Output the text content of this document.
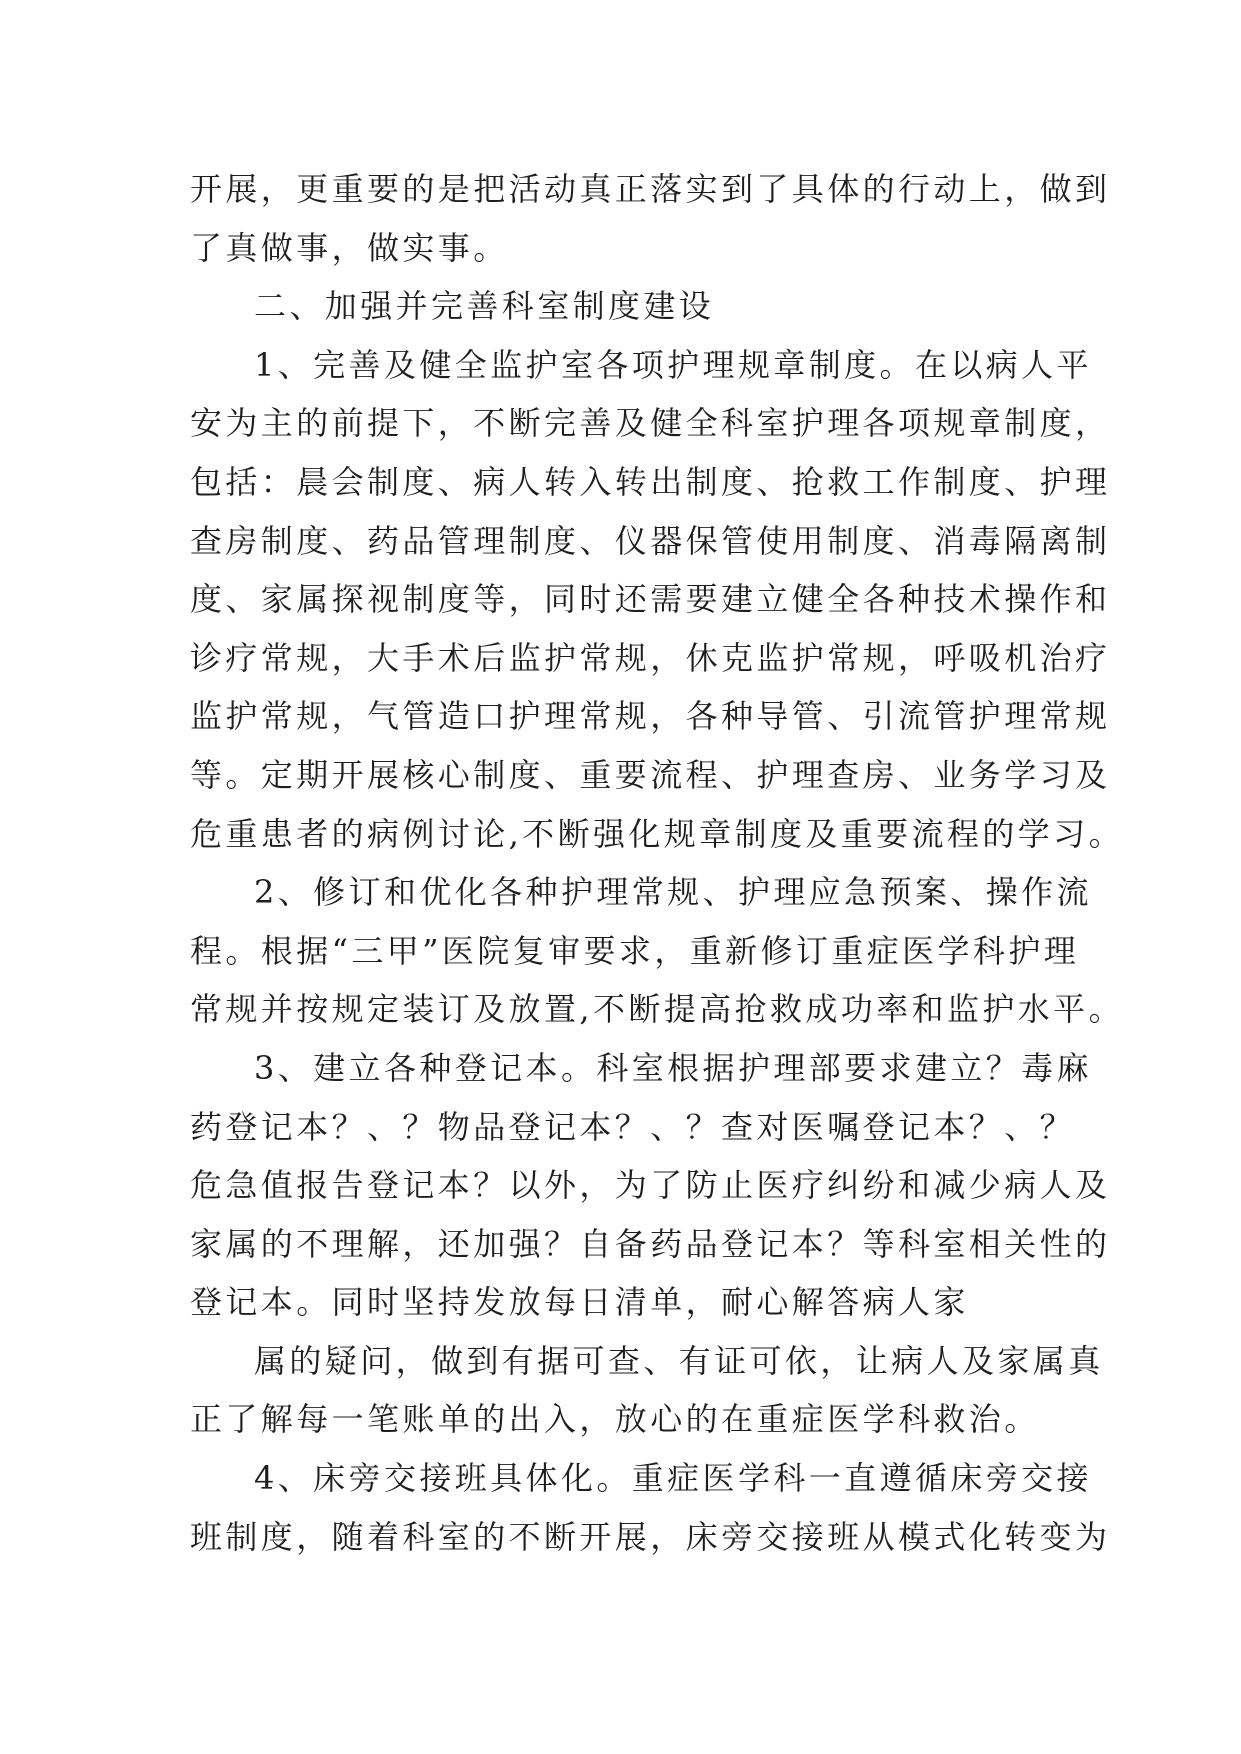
开展，更重要的是把活动真正落实到了具体的行动上，做到
了真做事，做实事。
二、加强并完善科室制度建设
1、完善及健全监护室各项护理规章制度。在以病人平
安为主的前提下，不断完善及健全科室护理各项规章制度，
包括：晨会制度、病人转入转出制度、抢救工作制度、护理
查房制度、药品管理制度、仪器保管使用制度、消毒隔离制
度、家属探视制度等，同时还需要建立健全各种技术操作和
诊疗常规，大手术后监护常规，休克监护常规，呼吸机治疗
监护常规，气管造口护理常规，各种导管、引流管护理常规
等。定期开展核心制度、重要流程、护理查房、业务学习及
危重患者的病例讨论,不断强化规章制度及重要流程的学习。
2、修订和优化各种护理常规、护理应急预案、操作流
程。根据“三甲”医院复审要求，重新修订重症医学科护理
常规并按规定装订及放置,不断提高抢救成功率和监护水平。
3、建立各种登记本。科室根据护理部要求建立？毒麻
药登记本？、？物品登记本？、？查对医嘱登记本？、？
危急值报告登记本？以外，为了防止医疗纠纷和减少病人及
家属的不理解，还加强？自备药品登记本？等科室相关性的
登记本。同时坚持发放每日清单，耐心解答病人家
属的疑问，做到有据可查、有证可依，让病人及家属真
正了解每一笔账单的出入，放心的在重症医学科救治。
4、床旁交接班具体化。重症医学科一直遵循床旁交接
班制度，随着科室的不断开展，床旁交接班从模式化转变为
